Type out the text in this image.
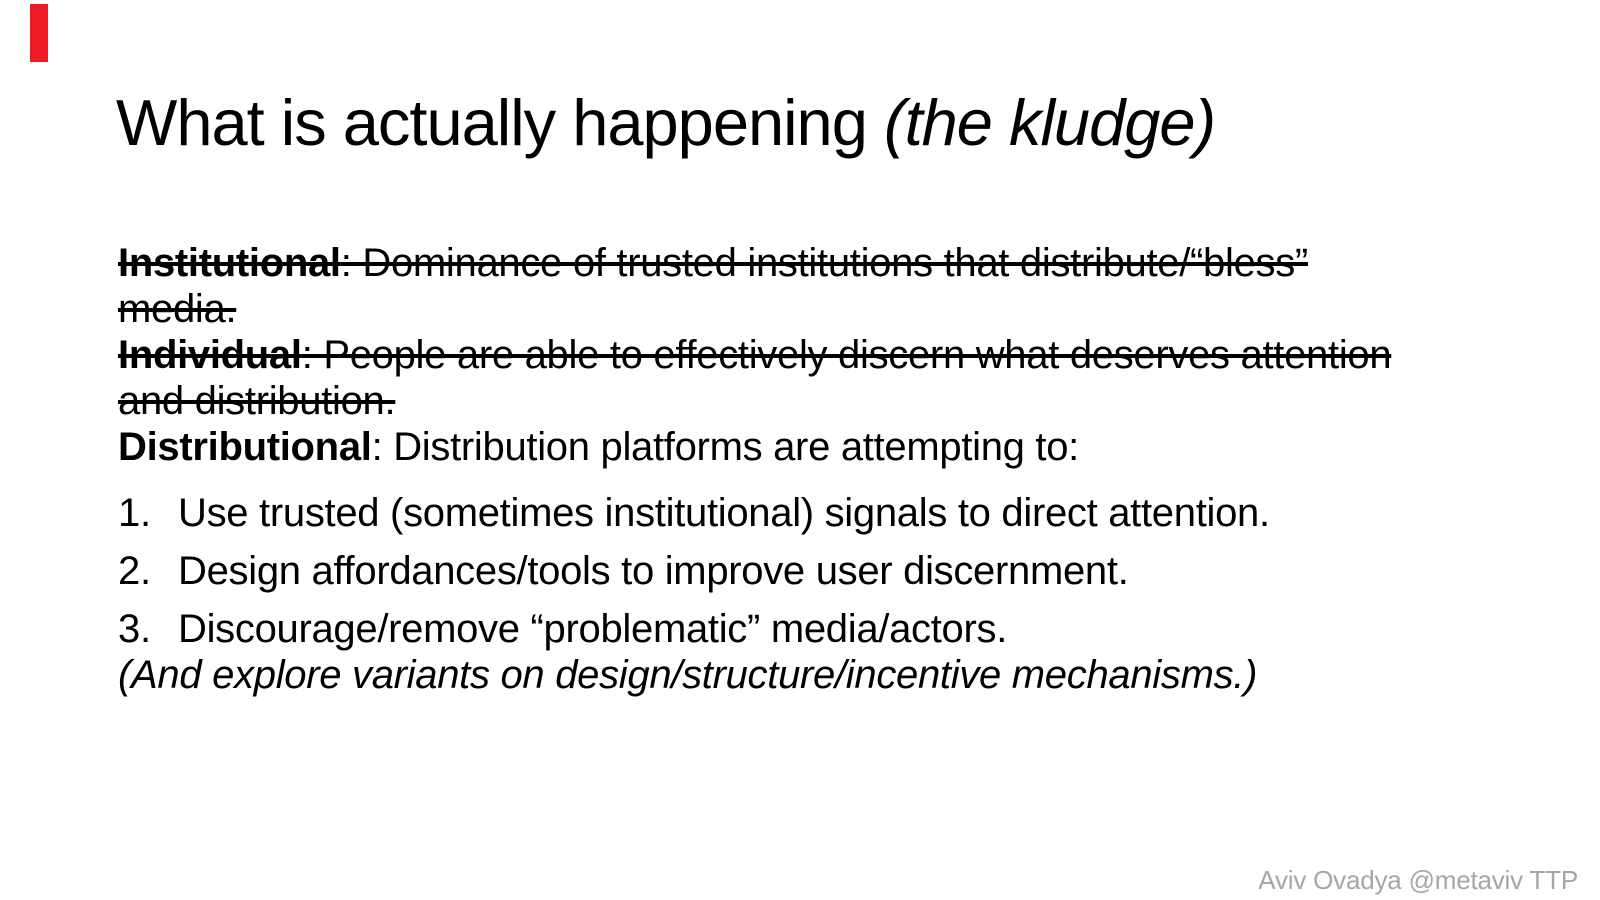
What is actually happening (the kludge)

Institutional: Dominance of trusted institutions that distribute/“bless”
media.

Individual: People are able to effectively discern what deserves attention
and distribution.

Distributional: Distribution platforms are attempting to:

1. Use trusted (sometimes institutional) signals to direct attention.
2. Design affordances/tools to improve user discernment.
3. Discourage/remove “problematic” media/actors.

(And explore variants on design/structure/incentive mechanisms.)

Aviv Ovadya @metaviv TTP
